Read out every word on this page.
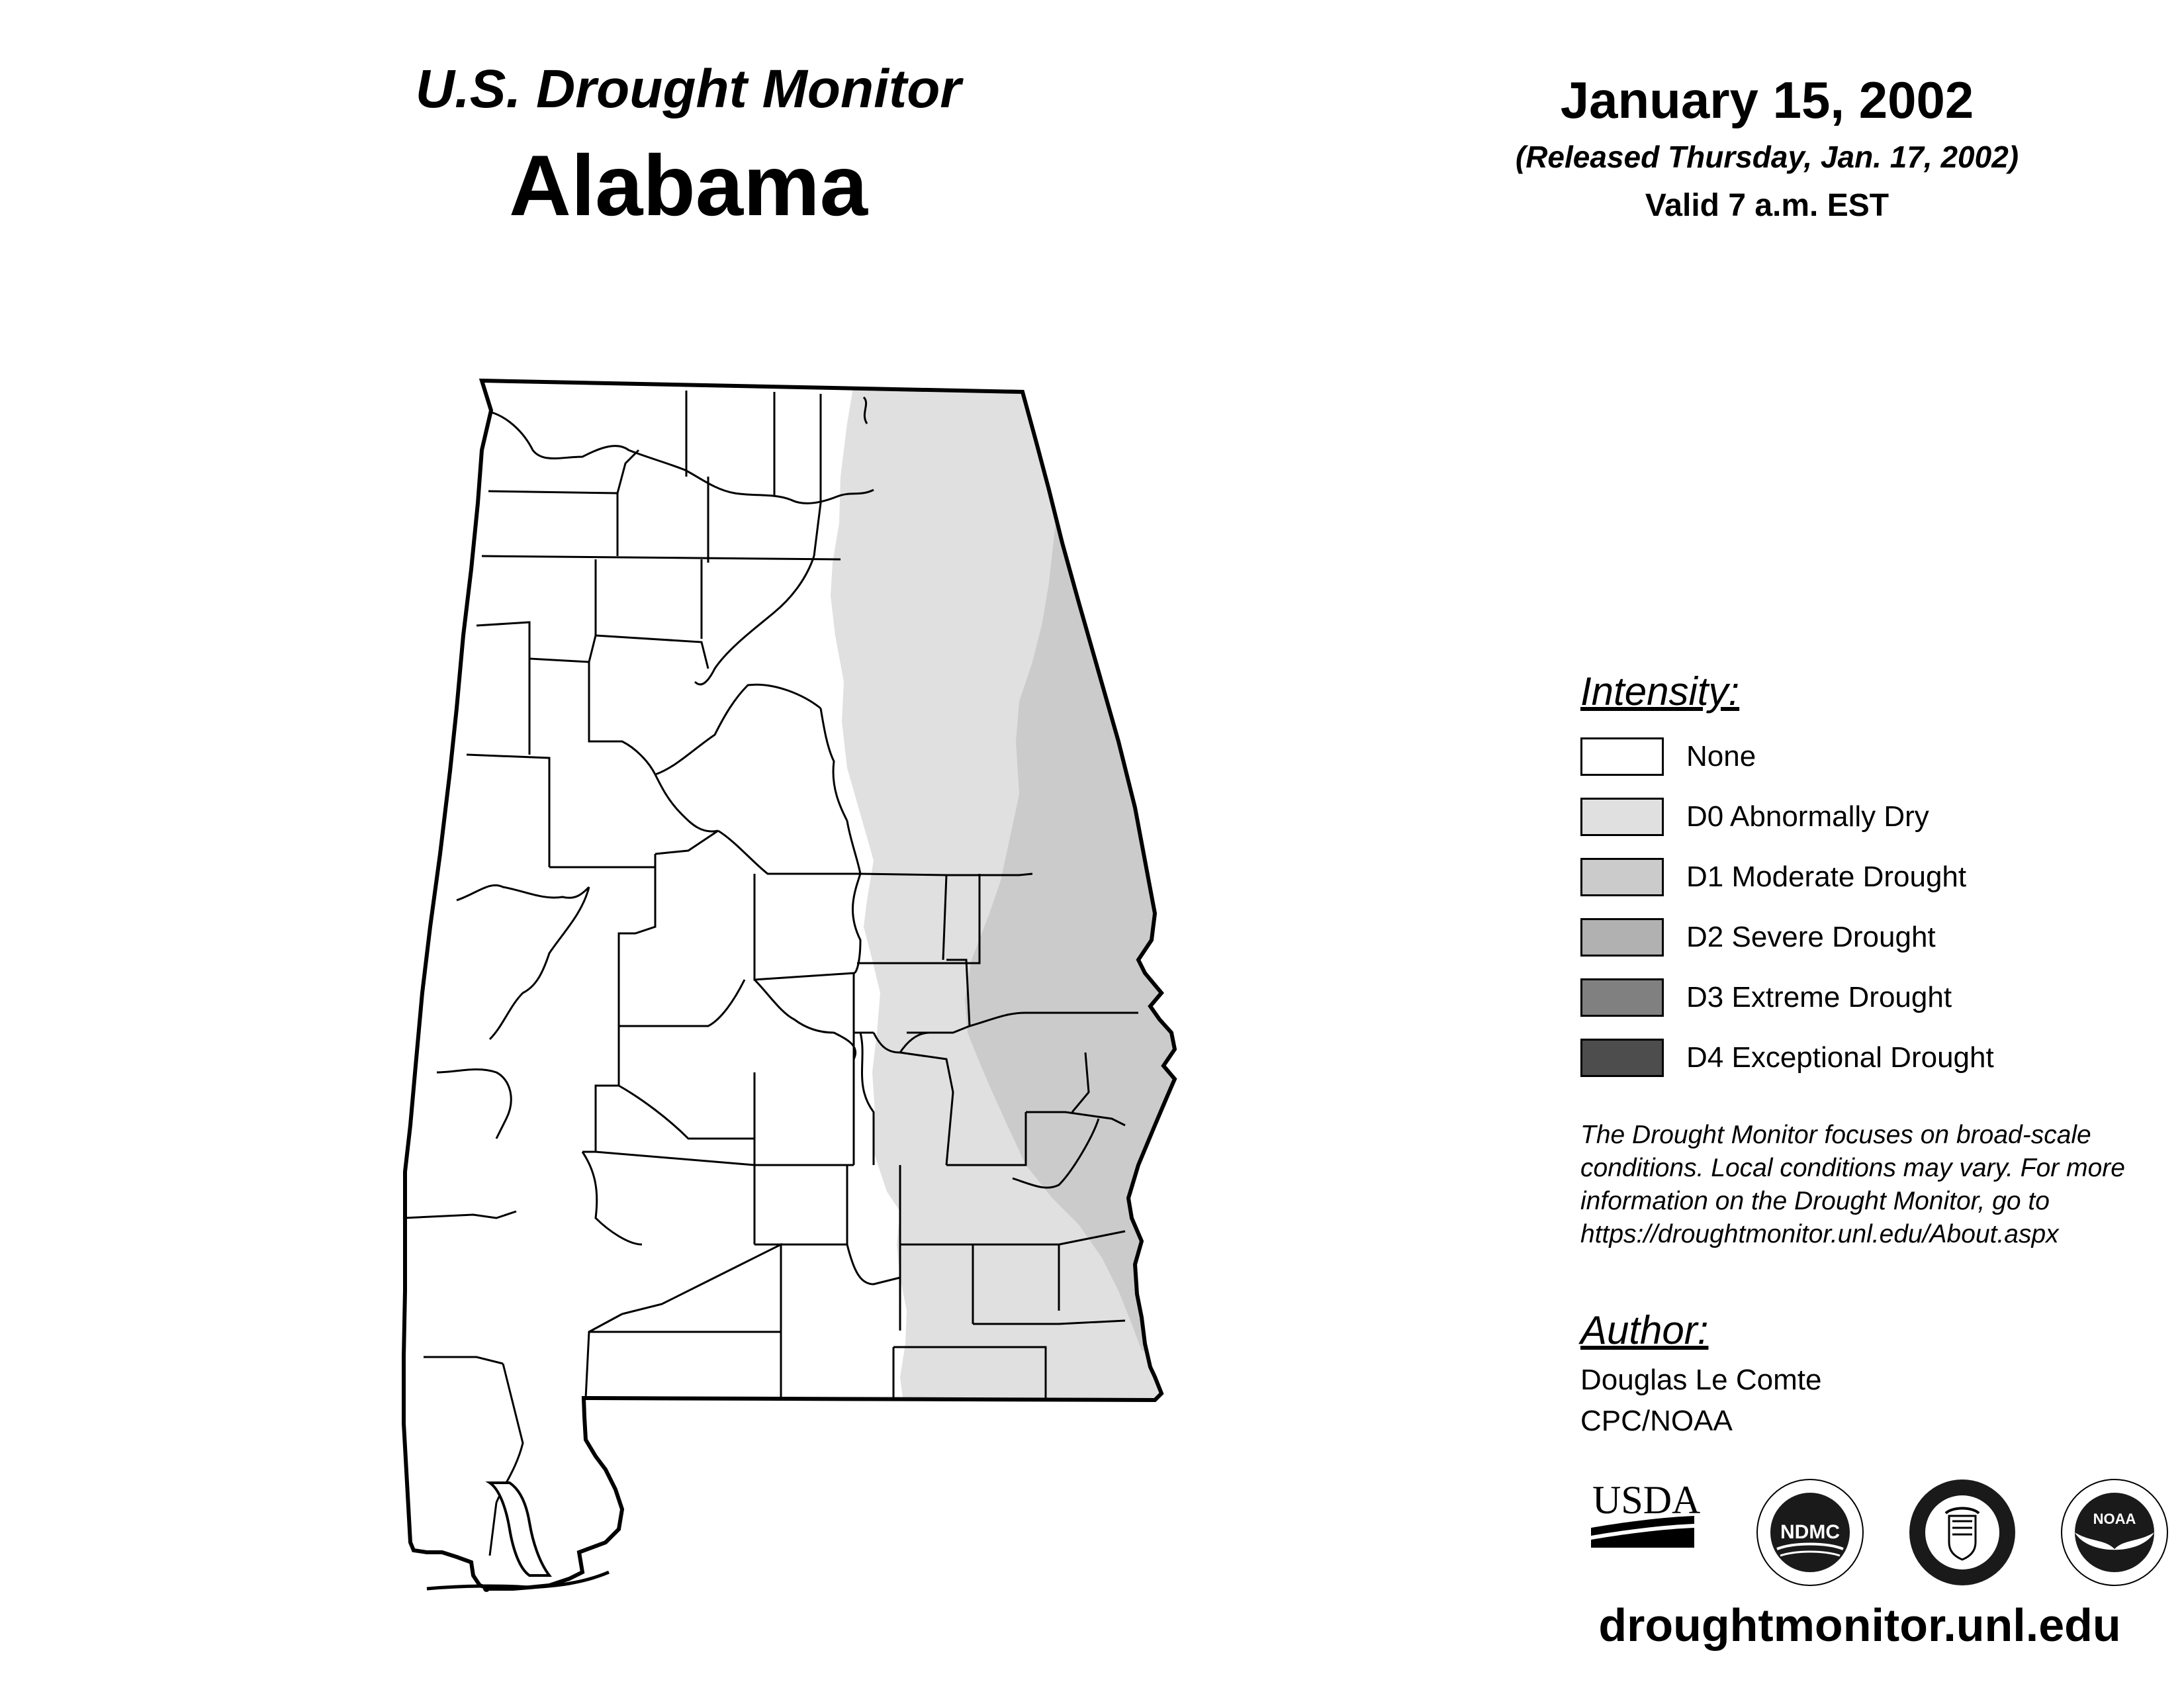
U.S. Drought Monitor
Alabama
January 15, 2002
(Released Thursday, Jan. 17, 2002)
Valid 7 a.m. EST
Intensity:
None
D0 Abnormally Dry
D1 Moderate Drought
D2 Severe Drought
D3 Extreme Drought
D4 Exceptional Drought
The Drought Monitor focuses on broad-scale
conditions. Local conditions may vary. For more
information on the Drought Monitor, go to
https://droughtmonitor.unl.edu/About.aspx
Author:
Douglas Le Comte
CPC/NOAA
USDA
NDMC
NOAA
droughtmonitor.unl.edu
